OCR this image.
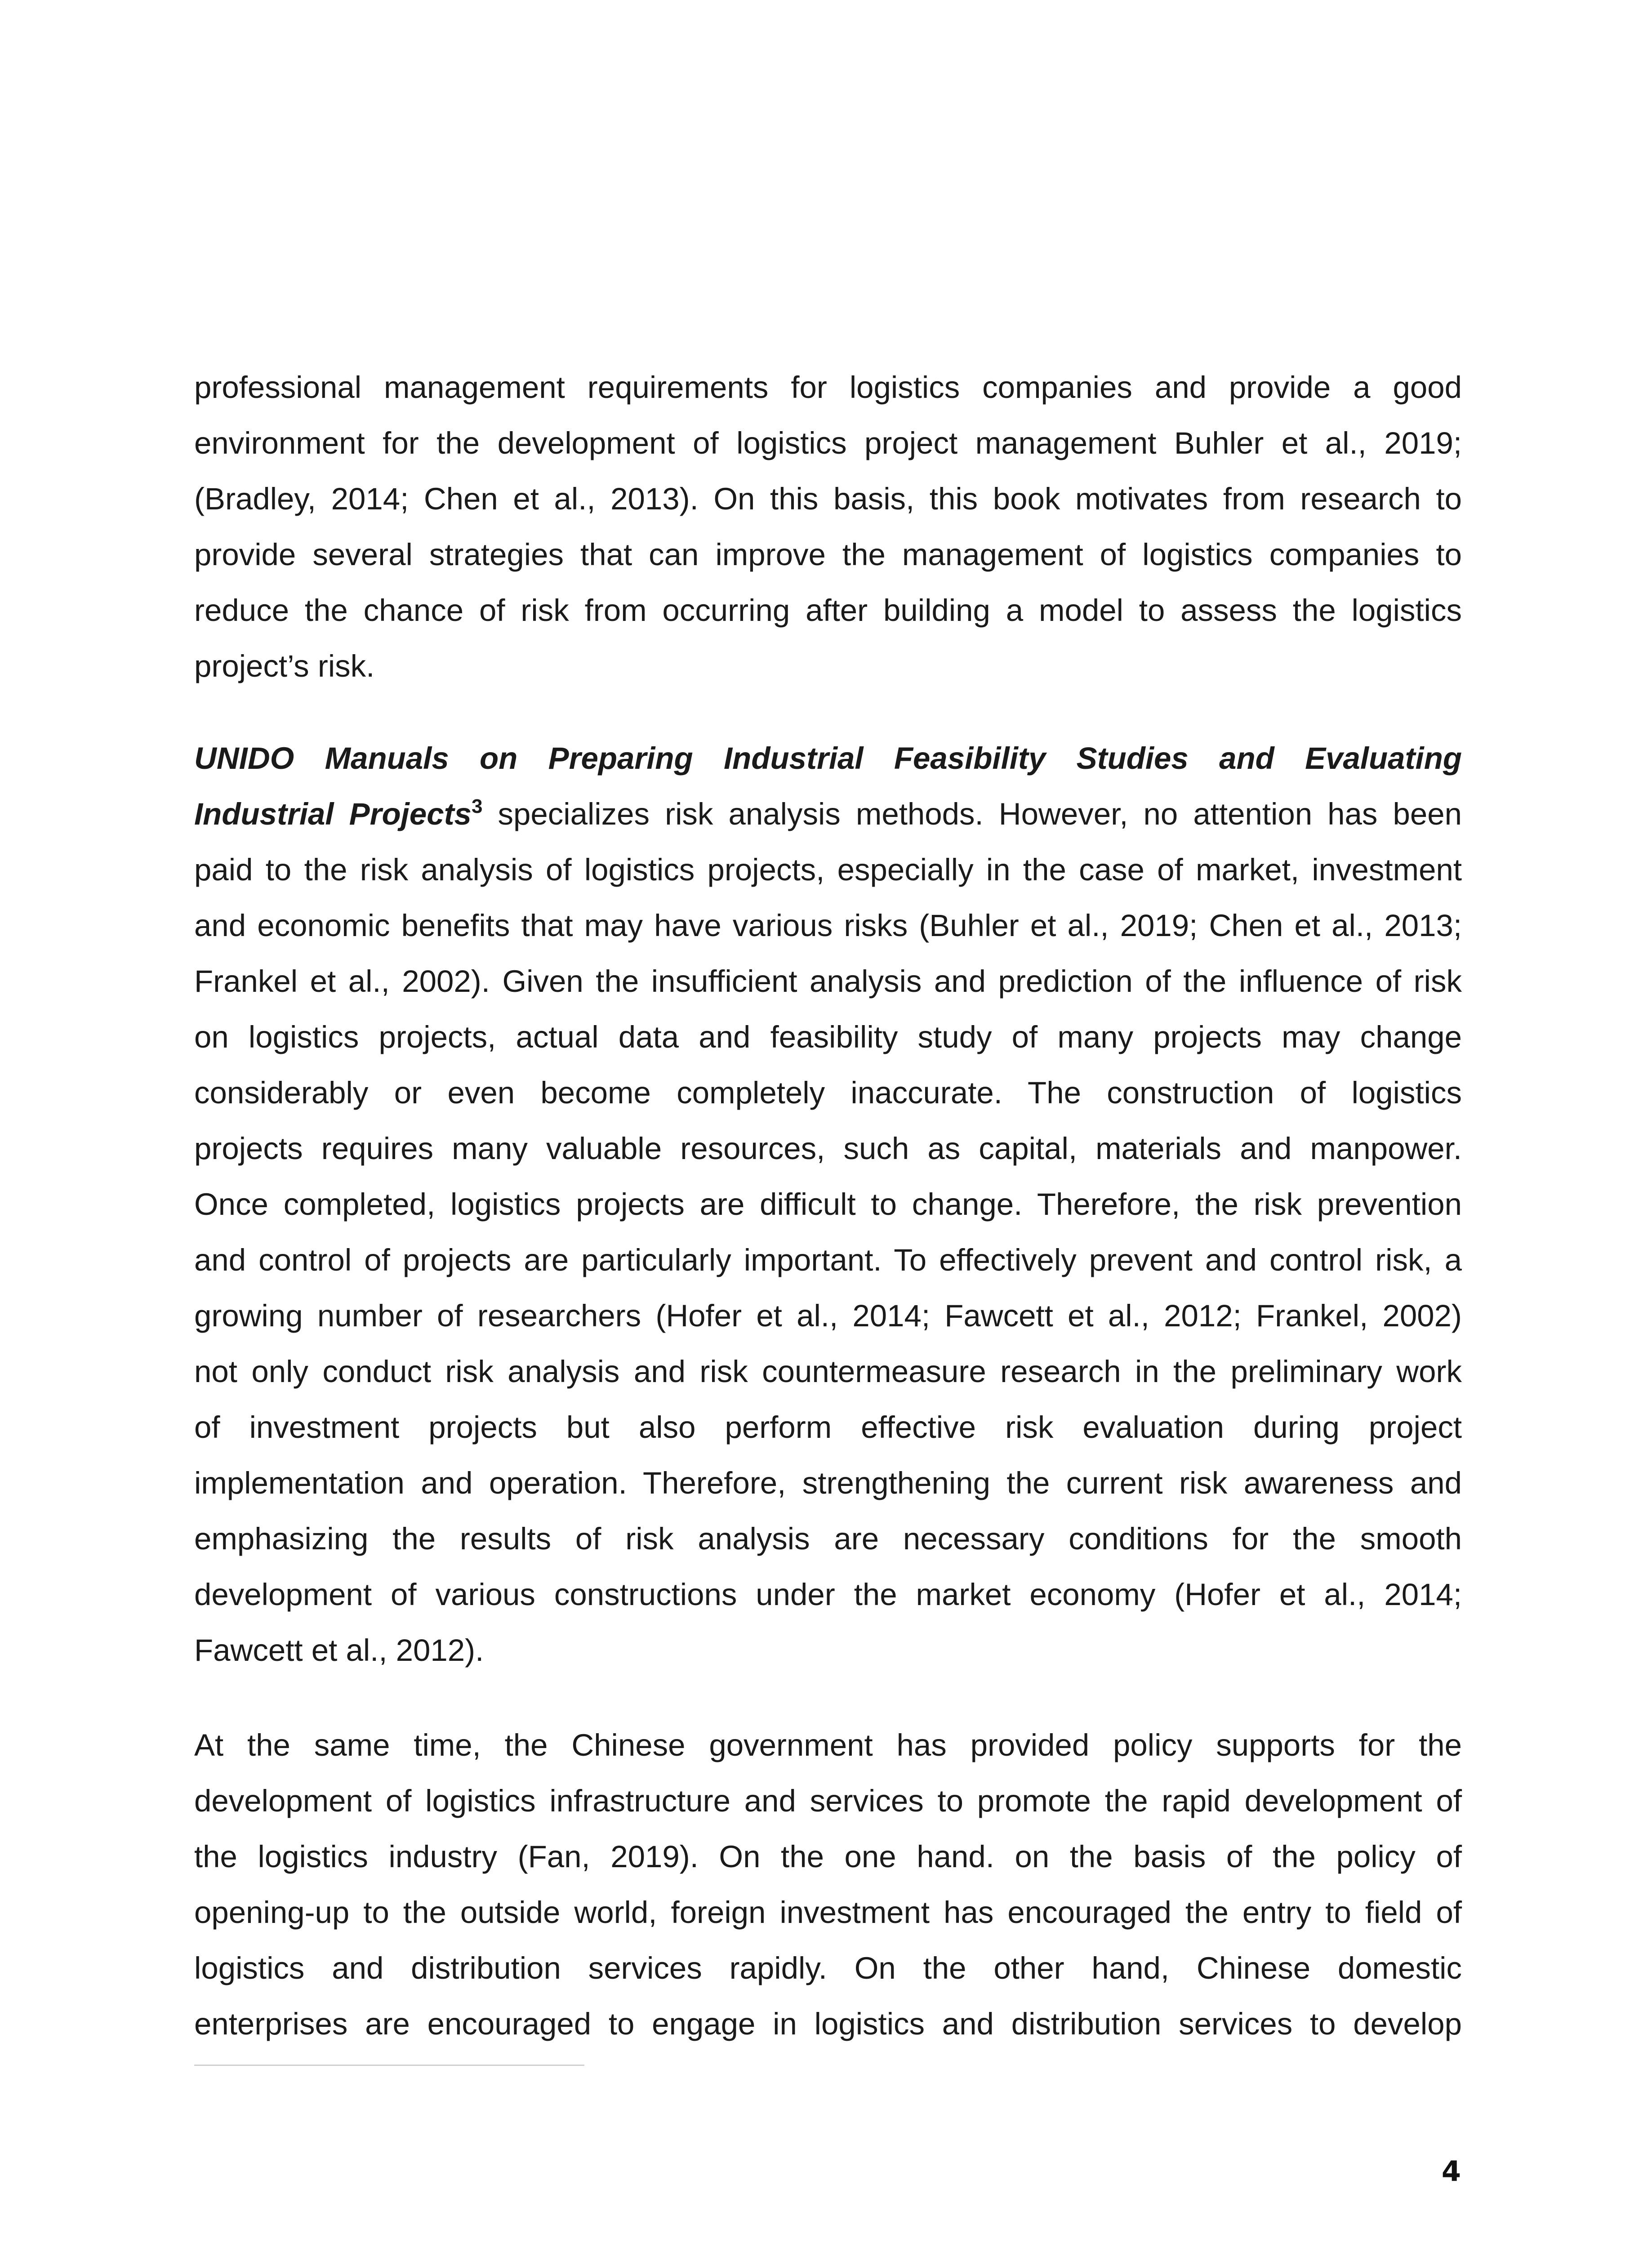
professional management requirements for logistics companies and provide a good
environment for the development of logistics project management Buhler et al., 2019;
(Bradley, 2014; Chen et al., 2013). On this basis, this book motivates from research to
provide several strategies that can improve the management of logistics companies to
reduce the chance of risk from occurring after building a model to assess the logistics
project’s risk.
UNIDO Manuals on Preparing Industrial Feasibility Studies and Evaluating
Industrial Projects$^3$ specializes risk analysis methods. However, no attention has been
paid to the risk analysis of logistics projects, especially in the case of market, investment
and economic benefits that may have various risks (Buhler et al., 2019; Chen et al., 2013;
Frankel et al., 2002). Given the insufficient analysis and prediction of the influence of risk
on logistics projects, actual data and feasibility study of many projects may change
considerably or even become completely inaccurate. The construction of logistics
projects requires many valuable resources, such as capital, materials and manpower.
Once completed, logistics projects are difficult to change. Therefore, the risk prevention
and control of projects are particularly important. To effectively prevent and control risk, a
growing number of researchers (Hofer et al., 2014; Fawcett et al., 2012; Frankel, 2002)
not only conduct risk analysis and risk countermeasure research in the preliminary work
of investment projects but also perform effective risk evaluation during project
implementation and operation. Therefore, strengthening the current risk awareness and
emphasizing the results of risk analysis are necessary conditions for the smooth
development of various constructions under the market economy (Hofer et al., 2014;
Fawcett et al., 2012).
At the same time, the Chinese government has provided policy supports for the
development of logistics infrastructure and services to promote the rapid development of
the logistics industry (Fan, 2019). On the one hand. on the basis of the policy of
opening-up to the outside world, foreign investment has encouraged the entry to field of
logistics and distribution services rapidly. On the other hand, Chinese domestic
enterprises are encouraged to engage in logistics and distribution services to develop
4
